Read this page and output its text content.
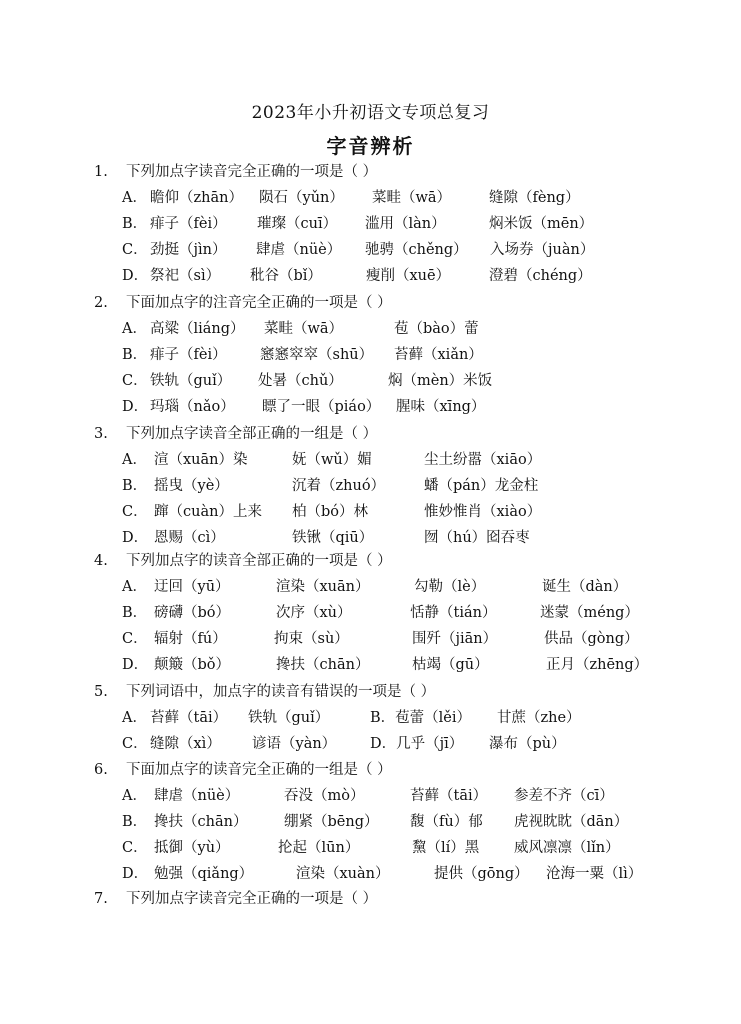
2023年小升初语文专项总复习
字音辨析
1. 下列加点字读音完全正确的一项是（ ）
A． 瞻仰（zhān） 陨石（yǔn） 菜畦（wā）	缝隙（fèng）
B． 痱子（fèi） 璀璨（cuī） 滥用（làn）	焖米饭（mēn）
C． 劲挺（jìn） 肆虐（nüè） 驰骋（chěng） 入场券（juàn）
D． 祭祀（sì） 秕谷（bǐ）	瘦削（xuē）	澄碧（chéng）
2. 下面加点字的注音完全正确的一项是（ ）
A． 高粱（liáng） 菜畦（wā）	苞（bào）蕾
B． 痱子（fèi） 窸窸窣窣（shū） 苔藓（xiǎn）
C． 铁轨（guǐ） 处暑（chǔ）	焖（mèn）米饭
D． 玛瑙（nǎo） 瞟了一眼（piáo） 腥味（xīng）
3. 下列加点字读音全部正确的一组是（ ）
A． 渲（xuān）染	妩（wǔ）媚	尘土纷嚣（xiāo）
B． 摇曳（yè）	沉着（zhuó）	蟠（pán）龙金柱
C． 蹿（cuàn）上来 柏（bó）林	惟妙惟肖（xiào）
D． 恩赐（cì）	铁锹（qiū）	囫（hú）囵吞枣
4. 下列加点字的读音全部正确的一项是（ ）
A． 迂回（yū）	渲染（xuān）	勾勒（lè）	诞生（dàn）
B． 磅礴（bó）	次序（xù）	恬静（tián）	迷蒙（méng）
C． 辐射（fú）	拘束（sù）	围歼（jiān）	供品（gòng）
D． 颠簸（bǒ）	搀扶（chān）	枯竭（gū）	正月（zhēng）
5. 下列词语中，加点字的读音有错误的一项是（ ）
A． 苔藓（tāi） 铁轨（guǐ）	B．苞蕾（lěi） 甘蔗（zhe）
C． 缝隙（xì） 谚语（yàn） D．几乎（jī） 瀑布（pù）
6. 下面加点字的读音完全正确的一组是（ ）
A． 肆虐（nüè）	吞没（mò）	苔藓（tāi） 参差不齐（cī）
B． 搀扶（chān）	绷紧（bēng） 馥（fù）郁 虎视眈眈（dān）
C． 抵御（yù）	抡起（lūn）	黧（lí）黑 威风凛凛（lǐn）
D． 勉强（qiǎng）	渲染（xuàn）	提供（gōng） 沧海一粟（lì）
7. 下列加点字读音完全正确的一项是（ ）
